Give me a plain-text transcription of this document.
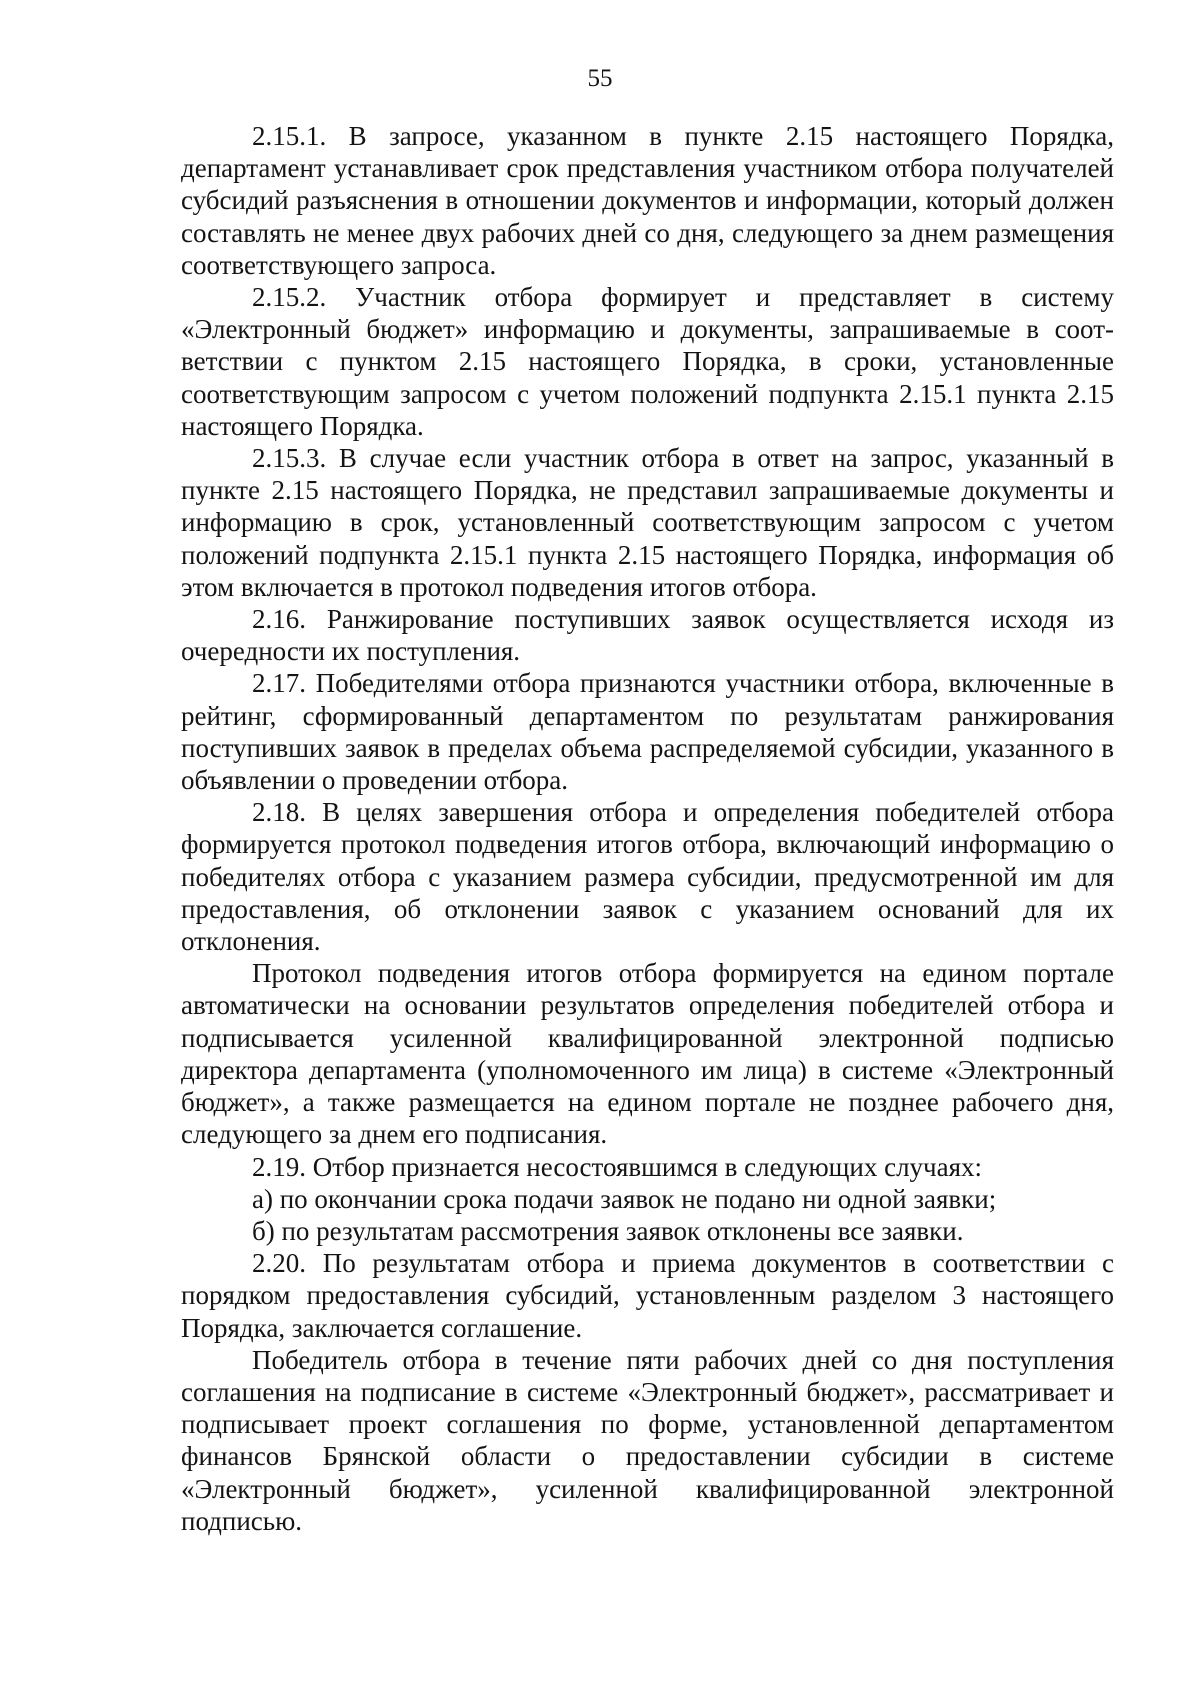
55

2.15.1. В запросе, указанном в пункте 2.15 настоящего Порядка, департамент устанавливает срок представления участником отбора получателей субсидий разъяснения в отношении документов и информации, который должен составлять не менее двух рабочих дней со дня, следующего за днем размещения соответствующего запроса.

2.15.2. Участник отбора формирует и представляет в систему «Электронный бюджет» информацию и документы, запрашиваемые в соответствии с пунктом 2.15 настоящего Порядка, в сроки, установленные соответствующим запросом с учетом положений подпункта 2.15.1 пункта 2.15 настоящего Порядка.

2.15.3. В случае если участник отбора в ответ на запрос, указанный в пункте 2.15 настоящего Порядка, не представил запрашиваемые документы и информацию в срок, установленный соответствующим запросом с учетом положений подпункта 2.15.1 пункта 2.15 настоящего Порядка, информация об этом включается в протокол подведения итогов отбора.

2.16. Ранжирование поступивших заявок осуществляется исходя из очередности их поступления.

2.17. Победителями отбора признаются участники отбора, включенные в рейтинг, сформированный департаментом по результатам ранжирования поступивших заявок в пределах объема распределяемой субсидии, указанного в объявлении о проведении отбора.

2.18. В целях завершения отбора и определения победителей отбора формируется протокол подведения итогов отбора, включающий информацию о победителях отбора с указанием размера субсидии, предусмотренной им для предоставления, об отклонении заявок с указанием оснований для их отклонения.

Протокол подведения итогов отбора формируется на едином портале автоматически на основании результатов определения победителей отбора и подписывается усиленной квалифицированной электронной подписью директора департамента (уполномоченного им лица) в системе «Электронный бюджет», а также размещается на едином портале не позднее рабочего дня, следующего за днем его подписания.

2.19. Отбор признается несостоявшимся в следующих случаях:

а) по окончании срока подачи заявок не подано ни одной заявки;

б) по результатам рассмотрения заявок отклонены все заявки.

2.20. По результатам отбора и приема документов в соответствии с порядком предоставления субсидий, установленным разделом 3 настоящего Порядка, заключается соглашение.

Победитель отбора в течение пяти рабочих дней со дня поступления соглашения на подписание в системе «Электронный бюджет», рассматривает и подписывает проект соглашения по форме, установленной департаментом финансов Брянской области о предоставлении субсидии в системе «Электронный бюджет», усиленной квалифицированной электронной подписью.
